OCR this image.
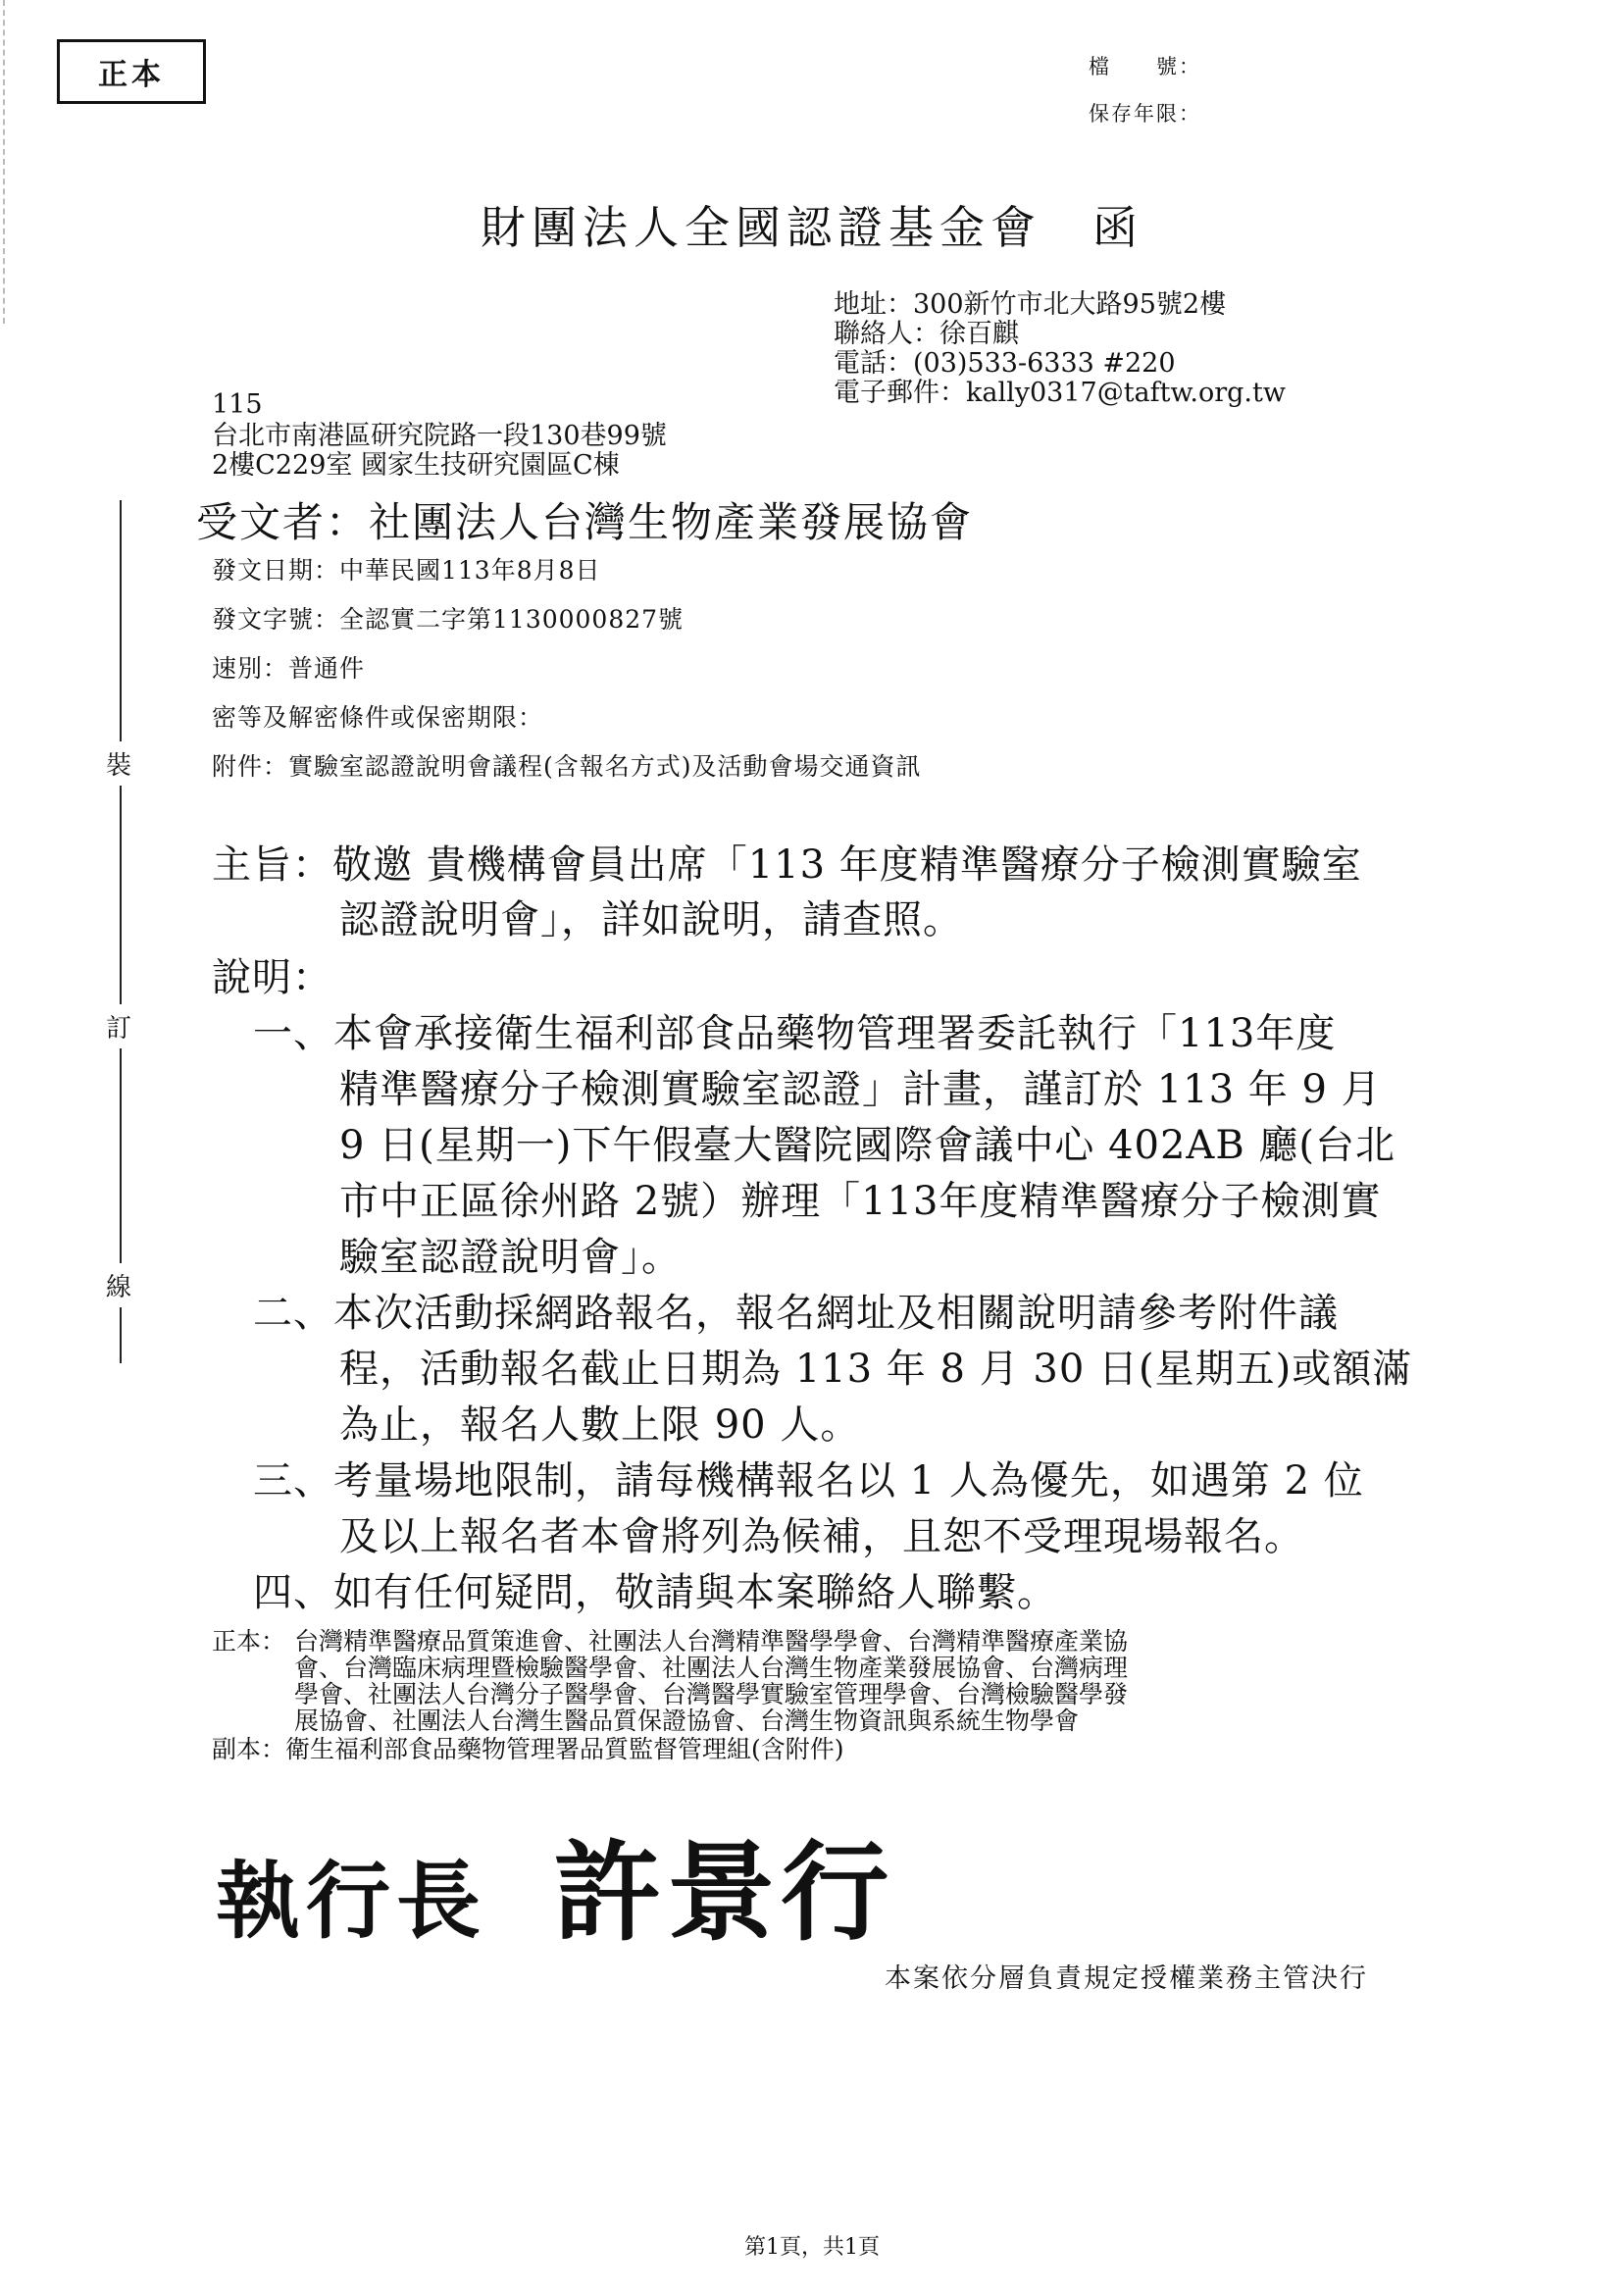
正本	檔　　號：
保存年限：
財團法人全國認證基金會　函
地址：300新竹市北大路95號2樓
聯絡人：徐百麒
電話：(03)533-6333 #220
電子郵件：kally0317@taftw.org.tw
115
台北市南港區研究院路一段130巷99號
2樓C229室 國家生技研究園區C棟
受文者：社團法人台灣生物產業發展協會
發文日期：中華民國113年8月8日
發文字號：全認實二字第1130000827號
速別：普通件
密等及解密條件或保密期限：
附件：實驗室認證說明會議程(含報名方式)及活動會場交通資訊
主旨：敬邀 貴機構會員出席「113 年度精準醫療分子檢測實驗室
認證說明會」，詳如說明，請查照。
說明：
一、本會承接衛生福利部食品藥物管理署委託執行「113年度
精準醫療分子檢測實驗室認證」計畫，謹訂於 113 年 9 月
9 日(星期一)下午假臺大醫院國際會議中心 402AB 廳(台北
市中正區徐州路 2號）辦理「113年度精準醫療分子檢測實
驗室認證說明會」。
二、本次活動採網路報名，報名網址及相關說明請參考附件議
程，活動報名截止日期為 113 年 8 月 30 日(星期五)或額滿
為止，報名人數上限 90 人。
三、考量場地限制，請每機構報名以 1 人為優先，如遇第 2 位
及以上報名者本會將列為候補，且恕不受理現場報名。
四、如有任何疑問，敬請與本案聯絡人聯繫。
正本： 台灣精準醫療品質策進會、社團法人台灣精準醫學學會、台灣精準醫療產業協
會、台灣臨床病理暨檢驗醫學會、社團法人台灣生物產業發展協會、台灣病理
學會、社團法人台灣分子醫學會、台灣醫學實驗室管理學會、台灣檢驗醫學發
展協會、社團法人台灣生醫品質保證協會、台灣生物資訊與系統生物學會
副本：衛生福利部食品藥物管理署品質監督管理組(含附件)
執行長 許景行
本案依分層負責規定授權業務主管決行
裝
訂
線
第1頁，共1頁
